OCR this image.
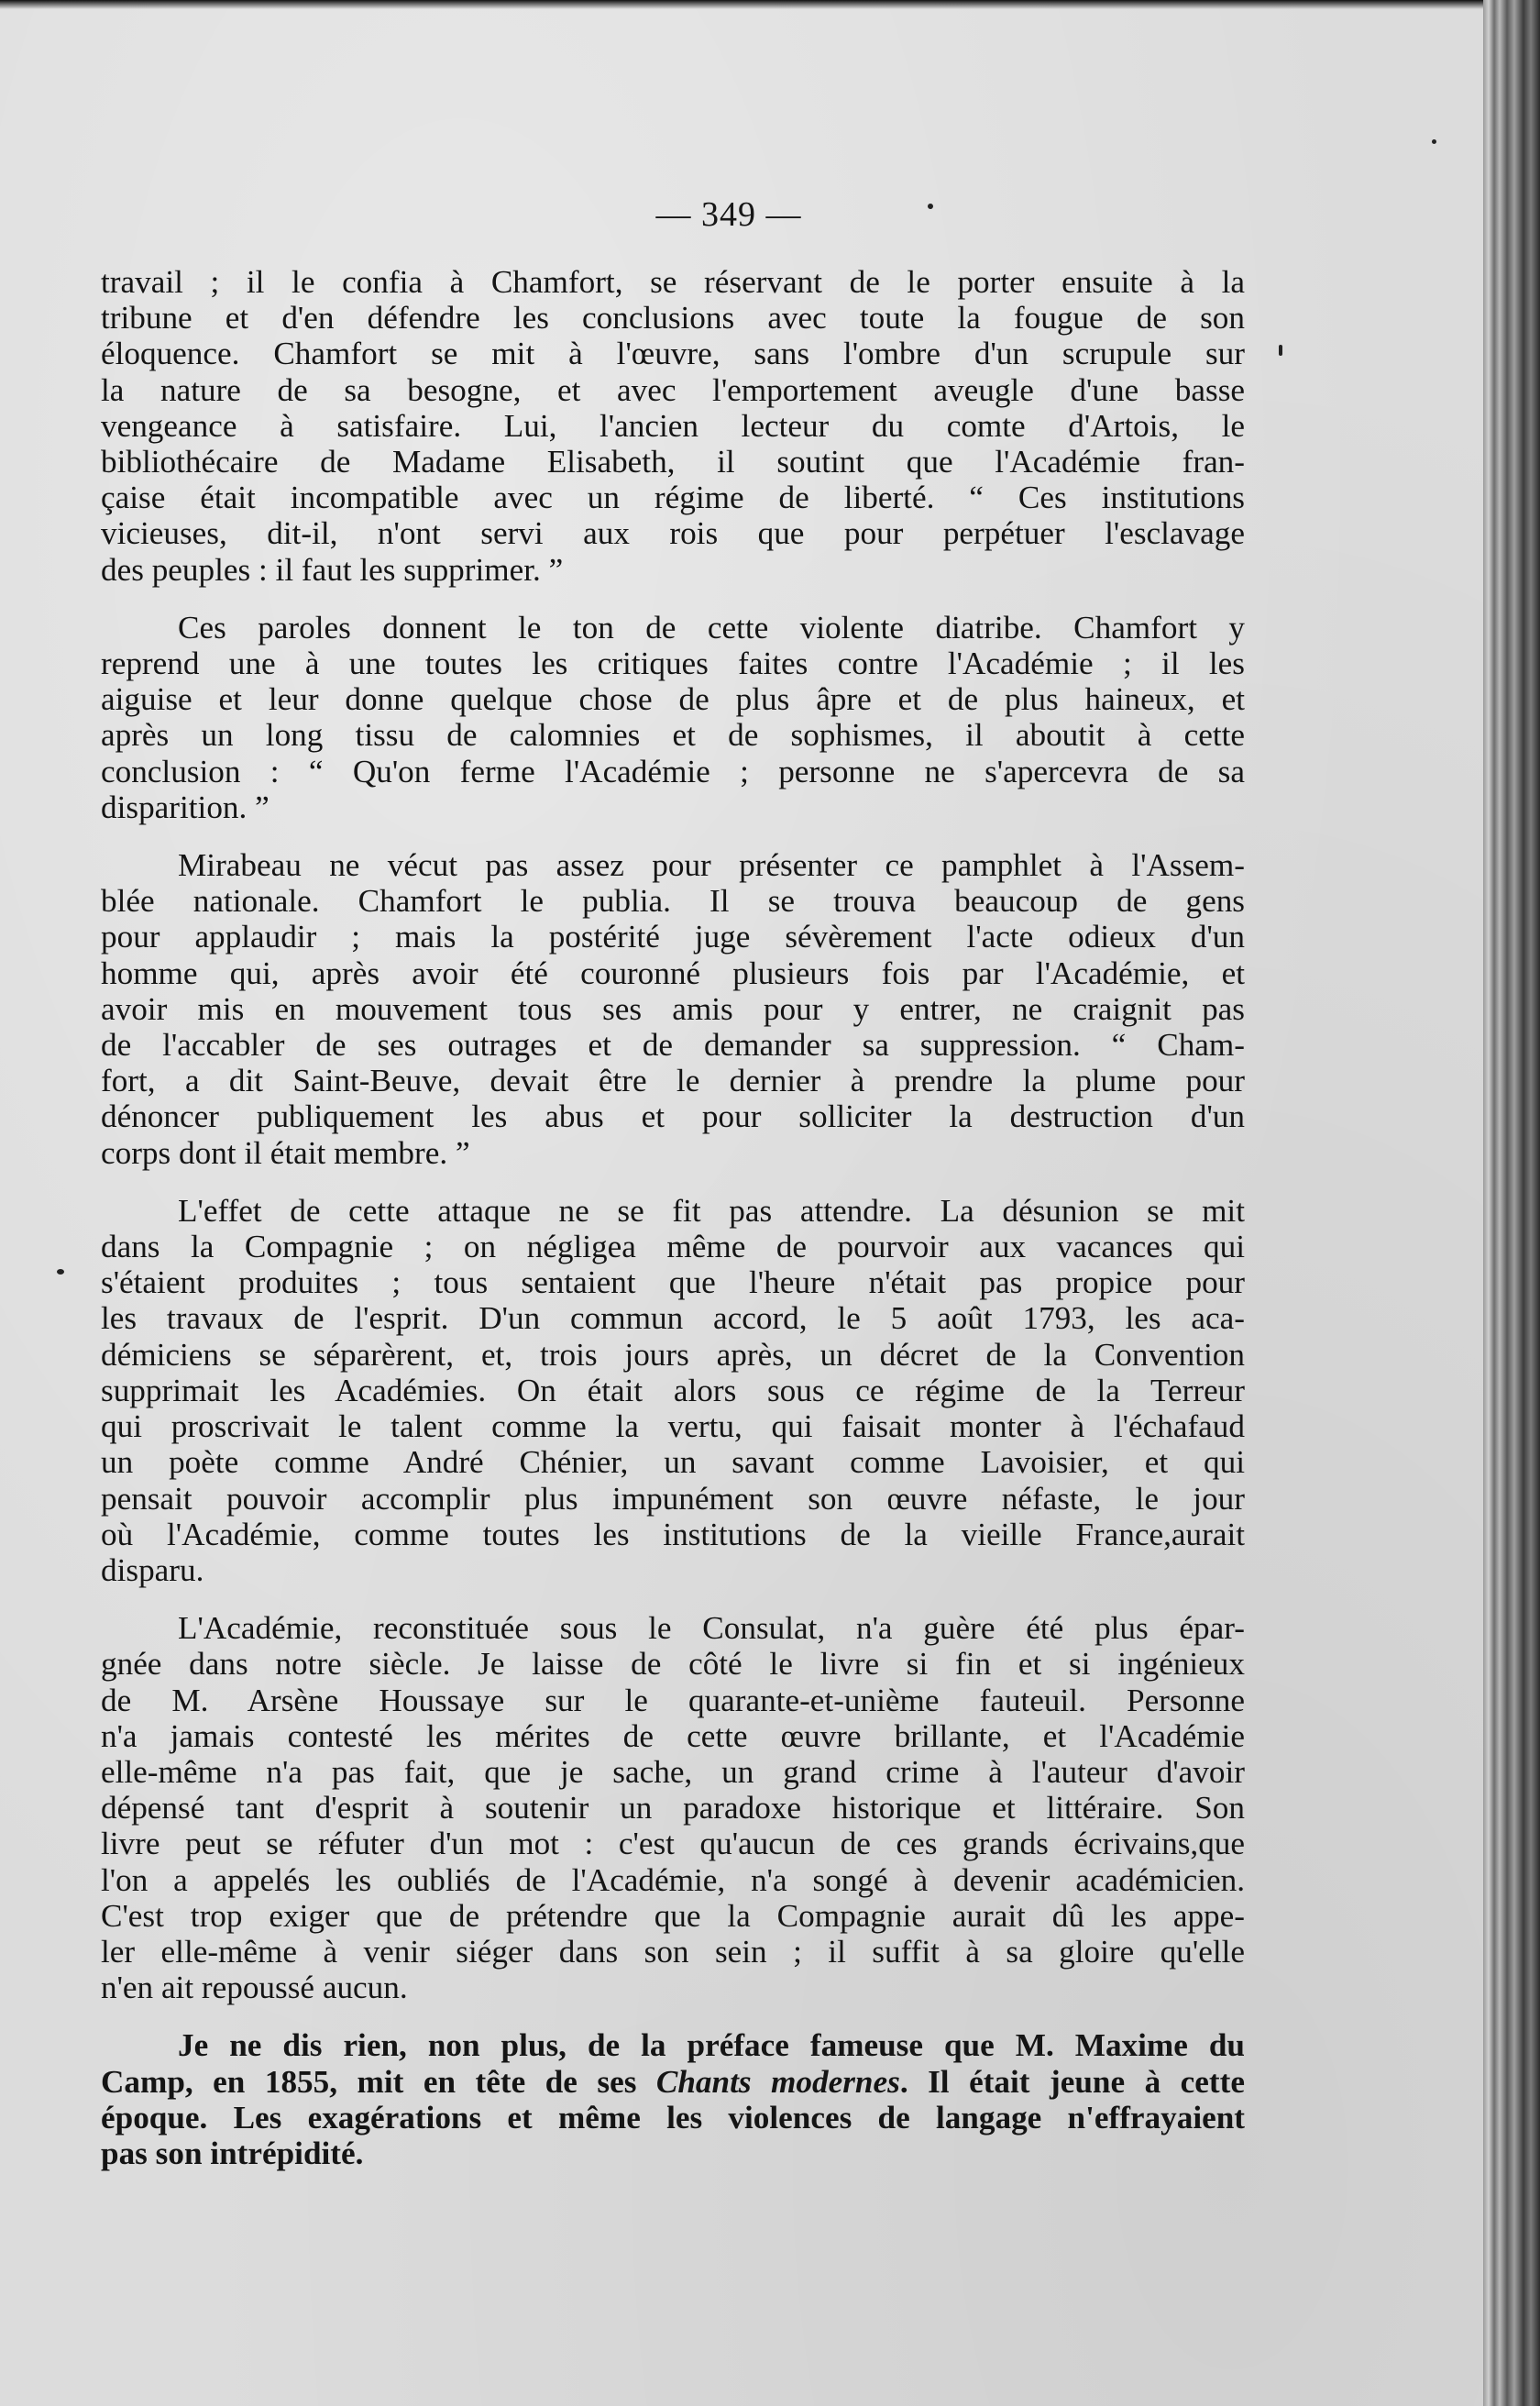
— 349 —
travail ; il le confia à Chamfort, se réservant de le porter ensuite à la
tribune et d'en défendre les conclusions avec toute la fougue de son
éloquence. Chamfort se mit à l'œuvre, sans l'ombre d'un scrupule sur
la nature de sa besogne, et avec l'emportement aveugle d'une basse
vengeance à satisfaire. Lui, l'ancien lecteur du comte d'Artois, le
bibliothécaire de Madame Elisabeth, il soutint que l'Académie fran-
çaise était incompatible avec un régime de liberté. “ Ces institutions
vicieuses, dit-il, n'ont servi aux rois que pour perpétuer l'esclavage
des peuples : il faut les supprimer. ”
Ces paroles donnent le ton de cette violente diatribe. Chamfort y
reprend une à une toutes les critiques faites contre l'Académie ; il les
aiguise et leur donne quelque chose de plus âpre et de plus haineux, et
après un long tissu de calomnies et de sophismes, il aboutit à cette
conclusion : “ Qu'on ferme l'Académie ; personne ne s'apercevra de sa
disparition. ”
Mirabeau ne vécut pas assez pour présenter ce pamphlet à l'Assem-
blée nationale. Chamfort le publia. Il se trouva beaucoup de gens
pour applaudir ; mais la postérité juge sévèrement l'acte odieux d'un
homme qui, après avoir été couronné plusieurs fois par l'Académie, et
avoir mis en mouvement tous ses amis pour y entrer, ne craignit pas
de l'accabler de ses outrages et de demander sa suppression. “ Cham-
fort, a dit Saint-Beuve, devait être le dernier à prendre la plume pour
dénoncer publiquement les abus et pour solliciter la destruction d'un
corps dont il était membre. ”
L'effet de cette attaque ne se fit pas attendre. La désunion se mit
dans la Compagnie ; on négligea même de pourvoir aux vacances qui
s'étaient produites ; tous sentaient que l'heure n'était pas propice pour
les travaux de l'esprit. D'un commun accord, le 5 août 1793, les aca-
démiciens se séparèrent, et, trois jours après, un décret de la Convention
supprimait les Académies. On était alors sous ce régime de la Terreur
qui proscrivait le talent comme la vertu, qui faisait monter à l'échafaud
un poète comme André Chénier, un savant comme Lavoisier, et qui
pensait pouvoir accomplir plus impunément son œuvre néfaste, le jour
où l'Académie, comme toutes les institutions de la vieille France,aurait
disparu.
L'Académie, reconstituée sous le Consulat, n'a guère été plus épar-
gnée dans notre siècle. Je laisse de côté le livre si fin et si ingénieux
de M. Arsène Houssaye sur le quarante-et-unième fauteuil. Personne
n'a jamais contesté les mérites de cette œuvre brillante, et l'Académie
elle-même n'a pas fait, que je sache, un grand crime à l'auteur d'avoir
dépensé tant d'esprit à soutenir un paradoxe historique et littéraire. Son
livre peut se réfuter d'un mot : c'est qu'aucun de ces grands écrivains,que
l'on a appelés les oubliés de l'Académie, n'a songé à devenir académicien.
C'est trop exiger que de prétendre que la Compagnie aurait dû les appe-
ler elle-même à venir siéger dans son sein ; il suffit à sa gloire qu'elle
n'en ait repoussé aucun.
Je ne dis rien, non plus, de la préface fameuse que M. Maxime du
Camp, en 1855, mit en tête de ses Chants modernes. Il était jeune à cette
époque. Les exagérations et même les violences de langage n'effrayaient
pas son intrépidité.
